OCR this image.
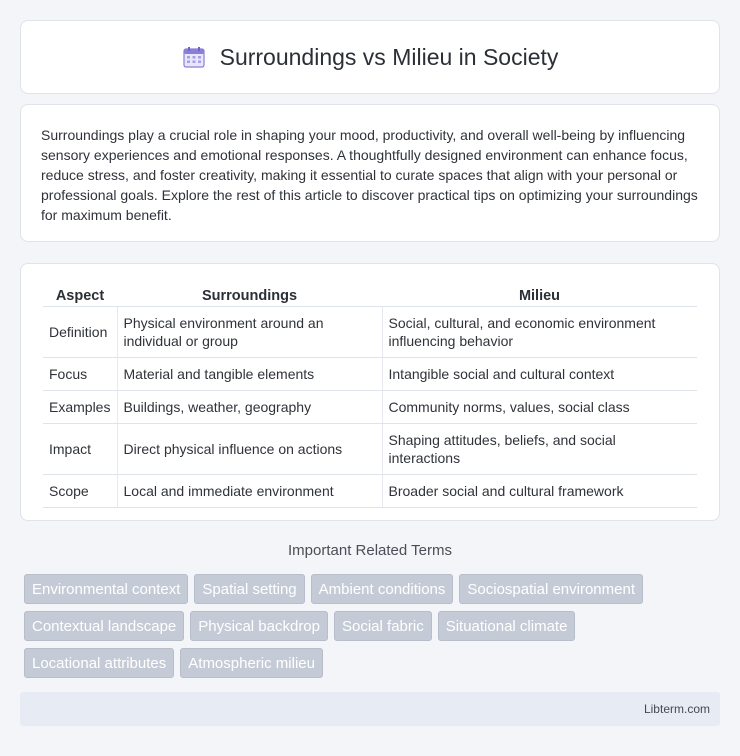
Surroundings vs Milieu in Society

Surroundings play a crucial role in shaping your mood, productivity, and overall well-being by influencing sensory experiences and emotional responses. A thoughtfully designed environment can enhance focus, reduce stress, and foster creativity, making it essential to curate spaces that align with your personal or professional goals. Explore the rest of this article to discover practical tips on optimizing your surroundings for maximum benefit.

Aspect	Surroundings	Milieu
Definition	Physical environment around an individual or group	Social, cultural, and economic environment influencing behavior
Focus	Material and tangible elements	Intangible social and cultural context
Examples	Buildings, weather, geography	Community norms, values, social class
Impact	Direct physical influence on actions	Shaping attitudes, beliefs, and social interactions
Scope	Local and immediate environment	Broader social and cultural framework
Important Related Terms
Environmental context	Spatial setting	Ambient conditions	Sociospatial environment
Contextual landscape	Physical backdrop	Social fabric	Situational climate
Locational attributes	Atmospheric milieu
Libterm.com
